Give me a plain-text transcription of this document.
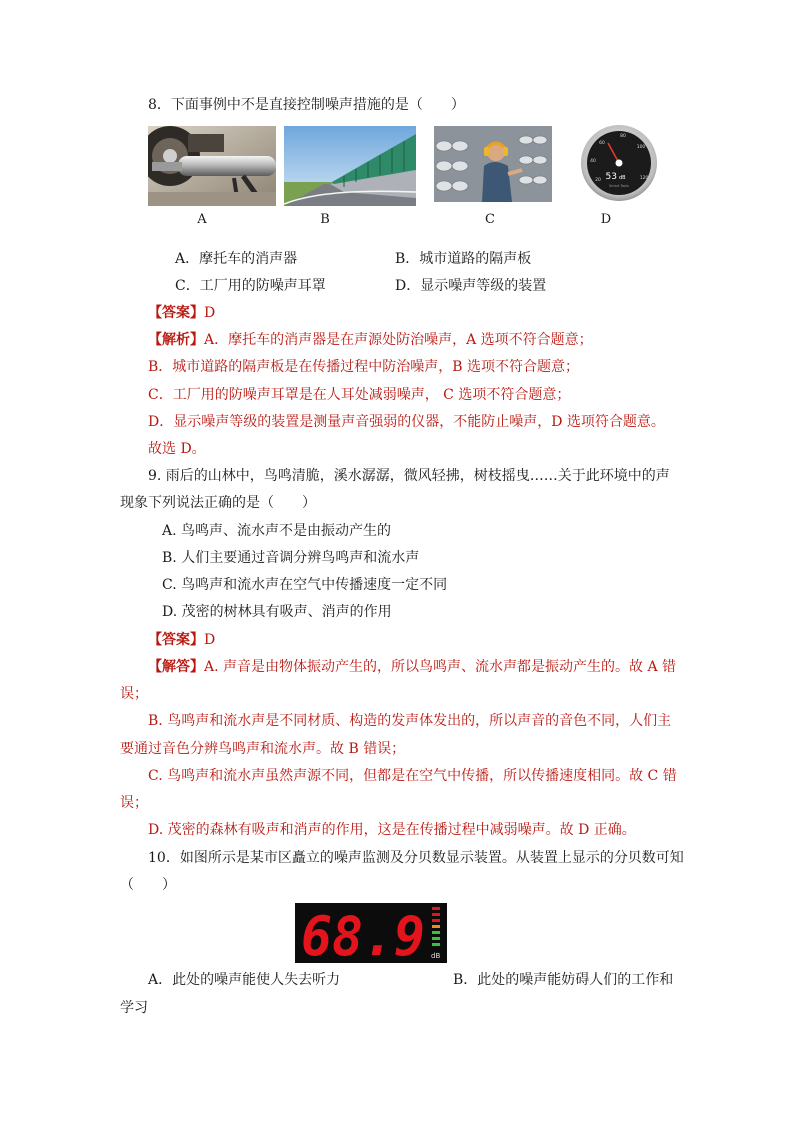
8．下面事例中不是直接控制噪声措施的是（　　）
20
40
60
80
100
120
53 dB
Smart Tools
A	B	C	D
A．摩托车的消声器	B．城市道路的隔声板
C．工厂用的防噪声耳罩	D．显示噪声等级的装置
【答案】D
【解析】A．摩托车的消声器是在声源处防治噪声，A 选项不符合题意；
B．城市道路的隔声板是在传播过程中防治噪声，B 选项不符合题意；
C．工厂用的防噪声耳罩是在人耳处减弱噪声， C 选项不符合题意；
D．显示噪声等级的装置是测量声音强弱的仪器，不能防止噪声，D 选项符合题意。
故选 D。
9. 雨后的山林中，鸟鸣清脆，溪水潺潺，微风轻拂，树枝摇曳……关于此环境中的声
现象下列说法正确的是（　　）
A. 鸟鸣声、流水声不是由振动产生的
B. 人们主要通过音调分辨鸟鸣声和流水声
C. 鸟鸣声和流水声在空气中传播速度一定不同
D. 茂密的树林具有吸声、消声的作用
【答案】D
【解答】A. 声音是由物体振动产生的，所以鸟鸣声、流水声都是振动产生的。故 A 错
误；
B. 鸟鸣声和流水声是不同材质、构造的发声体发出的，所以声音的音色不同，人们主
要通过音色分辨鸟鸣声和流水声。故 B 错误；
C. 鸟鸣声和流水声虽然声源不同，但都是在空气中传播，所以传播速度相同。故 C 错
误；
D. 茂密的森林有吸声和消声的作用，这是在传播过程中减弱噪声。故 D 正确。
10．如图所示是某市区矗立的噪声监测及分贝数显示装置。从装置上显示的分贝数可知
（　　）
68.9 dB
A．此处的噪声能使人失去听力	B．此处的噪声能妨碍人们的工作和
学习
